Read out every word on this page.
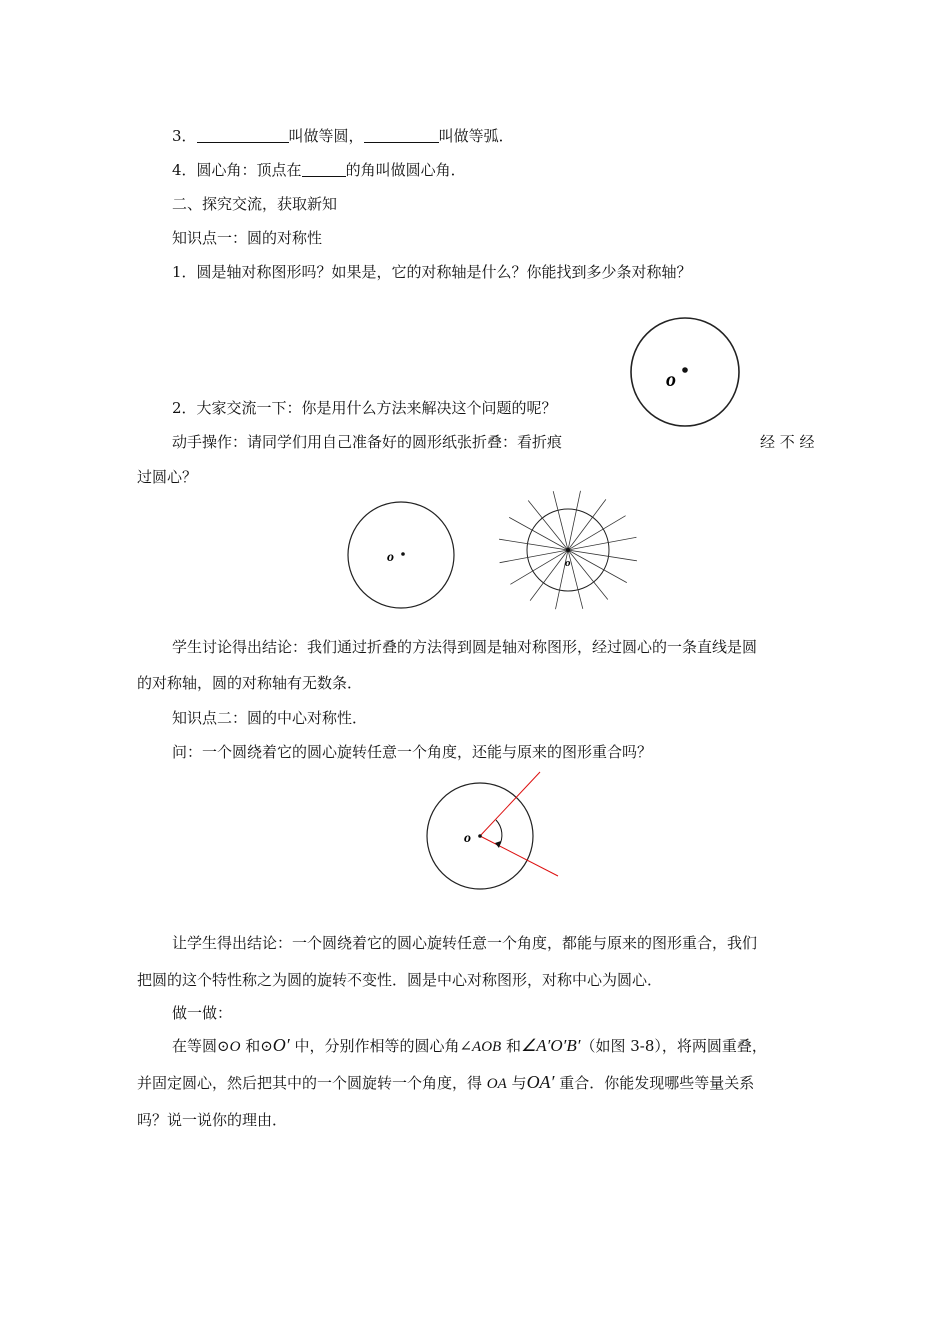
3．	叫做等圆，	叫做等弧．
4．圆心角：顶点在	的角叫做圆心角．
二、探究交流，获取新知
知识点一：圆的对称性
1．圆是轴对称图形吗？如果是，它的对称轴是什么？你能找到多少条对称轴？
o
2．大家交流一下：你是用什么方法来解决这个问题的呢？
动手操作：请同学们用自己准备好的圆形纸张折叠：看折痕	经 不 经
过圆心？
o	o
学生讨论得出结论：我们通过折叠的方法得到圆是轴对称图形，经过圆心的一条直线是圆
的对称轴，圆的对称轴有无数条．
知识点二：圆的中心对称性．
问：一个圆绕着它的圆心旋转任意一个角度，还能与原来的图形重合吗？
o
让学生得出结论：一个圆绕着它的圆心旋转任意一个角度，都能与原来的图形重合，我们
把圆的这个特性称之为圆的旋转不变性．圆是中心对称图形，对称中心为圆心．
做一做：
在等圆⊙O 和⊙O′ 中，分别作相等的圆心角∠AOB 和∠A′O′B′（如图 3-8），将两圆重叠，
并固定圆心，然后把其中的一个圆旋转一个角度，得 OA 与OA′ 重合．你能发现哪些等量关系
吗？说一说你的理由．
